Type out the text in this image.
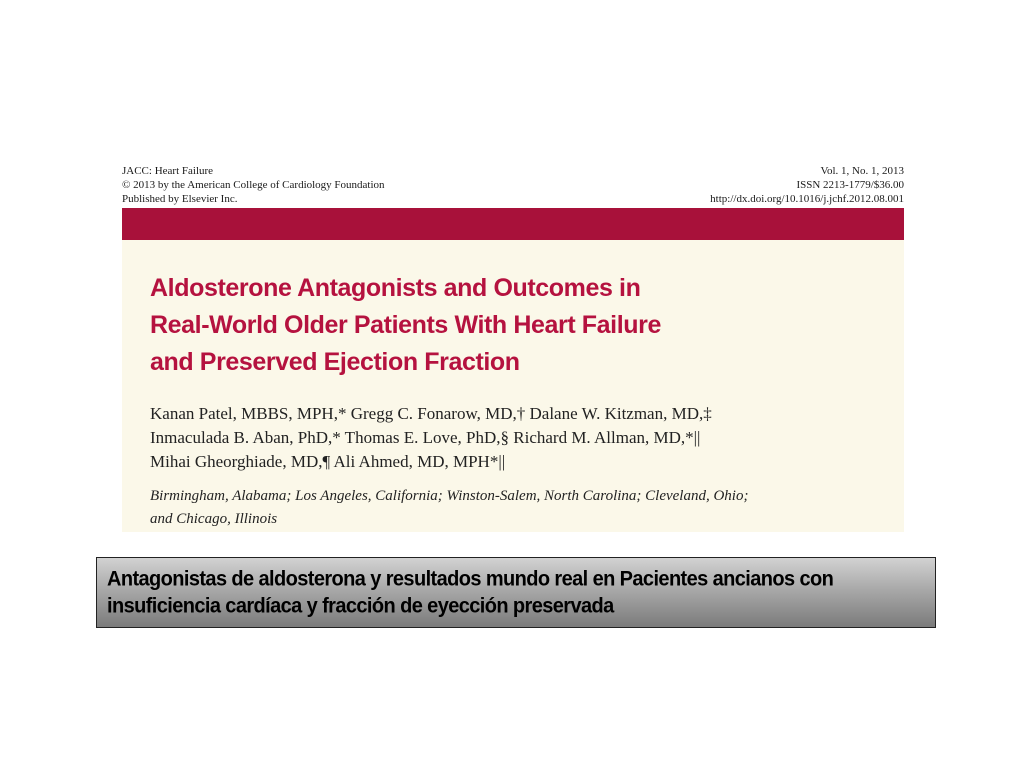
JACC: Heart Failure
© 2013 by the American College of Cardiology Foundation
Published by Elsevier Inc.
Vol. 1, No. 1, 2013
ISSN 2213-1779/$36.00
http://dx.doi.org/10.1016/j.jchf.2012.08.001
Aldosterone Antagonists and Outcomes in
Real-World Older Patients With Heart Failure
and Preserved Ejection Fraction
Kanan Patel, MBBS, MPH,* Gregg C. Fonarow, MD,† Dalane W. Kitzman, MD,‡
Inmaculada B. Aban, PhD,* Thomas E. Love, PhD,§ Richard M. Allman, MD,*||
Mihai Gheorghiade, MD,¶ Ali Ahmed, MD, MPH*||
Birmingham, Alabama; Los Angeles, California; Winston-Salem, North Carolina; Cleveland, Ohio;
and Chicago, Illinois
Antagonistas de aldosterona y resultados mundo real en Pacientes ancianos con
insuficiencia cardíaca y fracción de eyección preservada
